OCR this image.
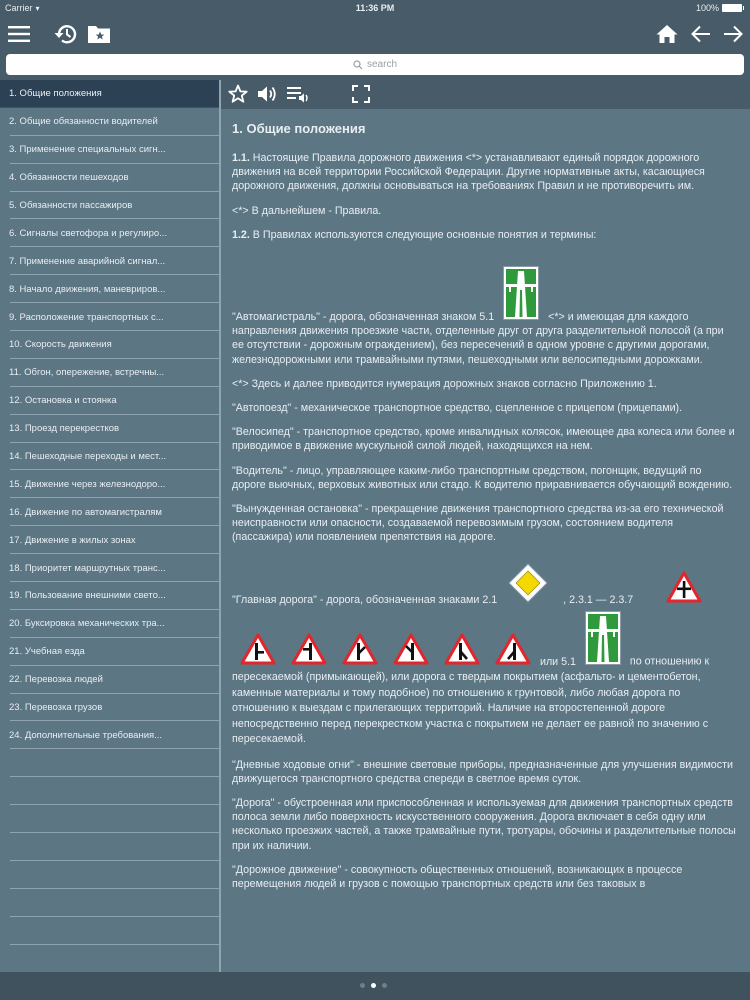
Carrier ▾	11:36 PM	100%
search
1. Общие положения
2. Общие обязанности водителей
3. Применение специальных сигн...
4. Обязанности пешеходов
5. Обязанности пассажиров
6. Сигналы светофора и регулиро...
7. Применение аварийной сигнал...
8. Начало движения, маневриров...
9. Расположение транспортных с...
10. Скорость движения
11. Обгон, опережение, встречны...
12. Остановка и стоянка
13. Проезд перекрестков
14. Пешеходные переходы и мест...
15. Движение через железнодоро...
16. Движение по автомагистралям
17. Движение в жилых зонах
18. Приоритет маршрутных транс...
19. Пользование внешними свето...
20. Буксировка механических тра...
21. Учебная езда
22. Перевозка людей
23. Перевозка грузов
24. Дополнительные требования...
1. Общие положения

1.1. Настоящие Правила дорожного движения <*> устанавливают единый порядок дорожного движения на всей территории Российской Федерации. Другие нормативные акты, касающиеся дорожного движения, должны основываться на требованиях Правил и не противоречить им.

<*> В дальнейшем - Правила.

1.2. В Правилах используются следующие основные понятия и термины:

"Автомагистраль" - дорога, обозначенная знаком 5.1	<*> и имеющая для каждого направления движения проезжие части, отделенные друг от друга разделительной полосой (а при ее отсутствии - дорожным ограждением), без пересечений в одном уровне с другими дорогами, железнодорожными или трамвайными путями, пешеходными или велосипедными дорожками.

<*> Здесь и далее приводится нумерация дорожных знаков согласно Приложению 1.

"Автопоезд" - механическое транспортное средство, сцепленное с прицепом (прицепами).

"Велосипед" - транспортное средство, кроме инвалидных колясок, имеющее два колеса или более и приводимое в движение мускульной силой людей, находящихся на нем.

"Водитель" - лицо, управляющее каким-либо транспортным средством, погонщик, ведущий по дороге вьючных, верховых животных или стадо. К водителю приравнивается обучающий вождению.

"Вынужденная остановка" - прекращение движения транспортного средства из-за его технической неисправности или опасности, создаваемой перевозимым грузом, состоянием водителя (пассажира) или появлением препятствия на дороге.

"Главная дорога" - дорога, обозначенная знаками 2.1	, 2.3.1 — 2.3.7
или 5.1	по отношению к пересекаемой (примыкающей), или дорога с твердым покрытием (асфальто- и цементобетон, каменные материалы и тому подобное) по отношению к грунтовой, либо любая дорога по отношению к выездам с прилегающих территорий. Наличие на второстепенной дороге непосредственно перед перекрестком участка с покрытием не делает ее равной по значению с пересекаемой.

"Дневные ходовые огни" - внешние световые приборы, предназначенные для улучшения видимости движущегося транспортного средства спереди в светлое время суток.

"Дорога" - обустроенная или приспособленная и используемая для движения транспортных средств полоса земли либо поверхность искусственного сооружения. Дорога включает в себя одну или несколько проезжих частей, а также трамвайные пути, тротуары, обочины и разделительные полосы при их наличии.

"Дорожное движение" - совокупность общественных отношений, возникающих в процессе перемещения людей и грузов с помощью транспортных средств или без таковых в
